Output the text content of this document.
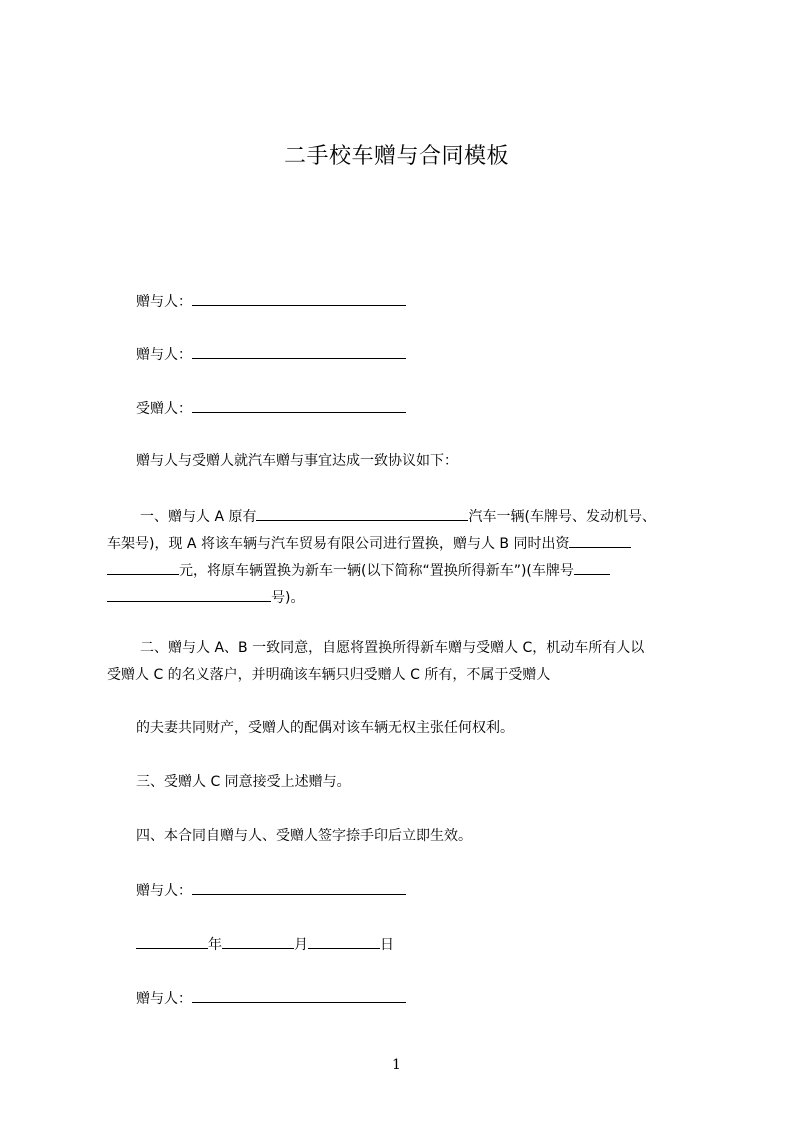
二手校车赠与合同模板
赠与人：
赠与人：
受赠人：
赠与人与受赠人就汽车赠与事宜达成一致协议如下：
一、赠与人 A 原有	汽车一辆(车牌号、发动机号、
车架号)，现 A 将该车辆与汽车贸易有限公司进行置换，赠与人 B 同时出资
元，将原车辆置换为新车一辆(以下简称“置换所得新车”)(车牌号
号)。
二、赠与人 A、B 一致同意，自愿将置换所得新车赠与受赠人 C，机动车所有人以
受赠人 C 的名义落户，并明确该车辆只归受赠人 C 所有，不属于受赠人
的夫妻共同财产，受赠人的配偶对该车辆无权主张任何权利。
三、受赠人 C 同意接受上述赠与。
四、本合同自赠与人、受赠人签字捺手印后立即生效。
赠与人：
年	月	日
赠与人：
1
